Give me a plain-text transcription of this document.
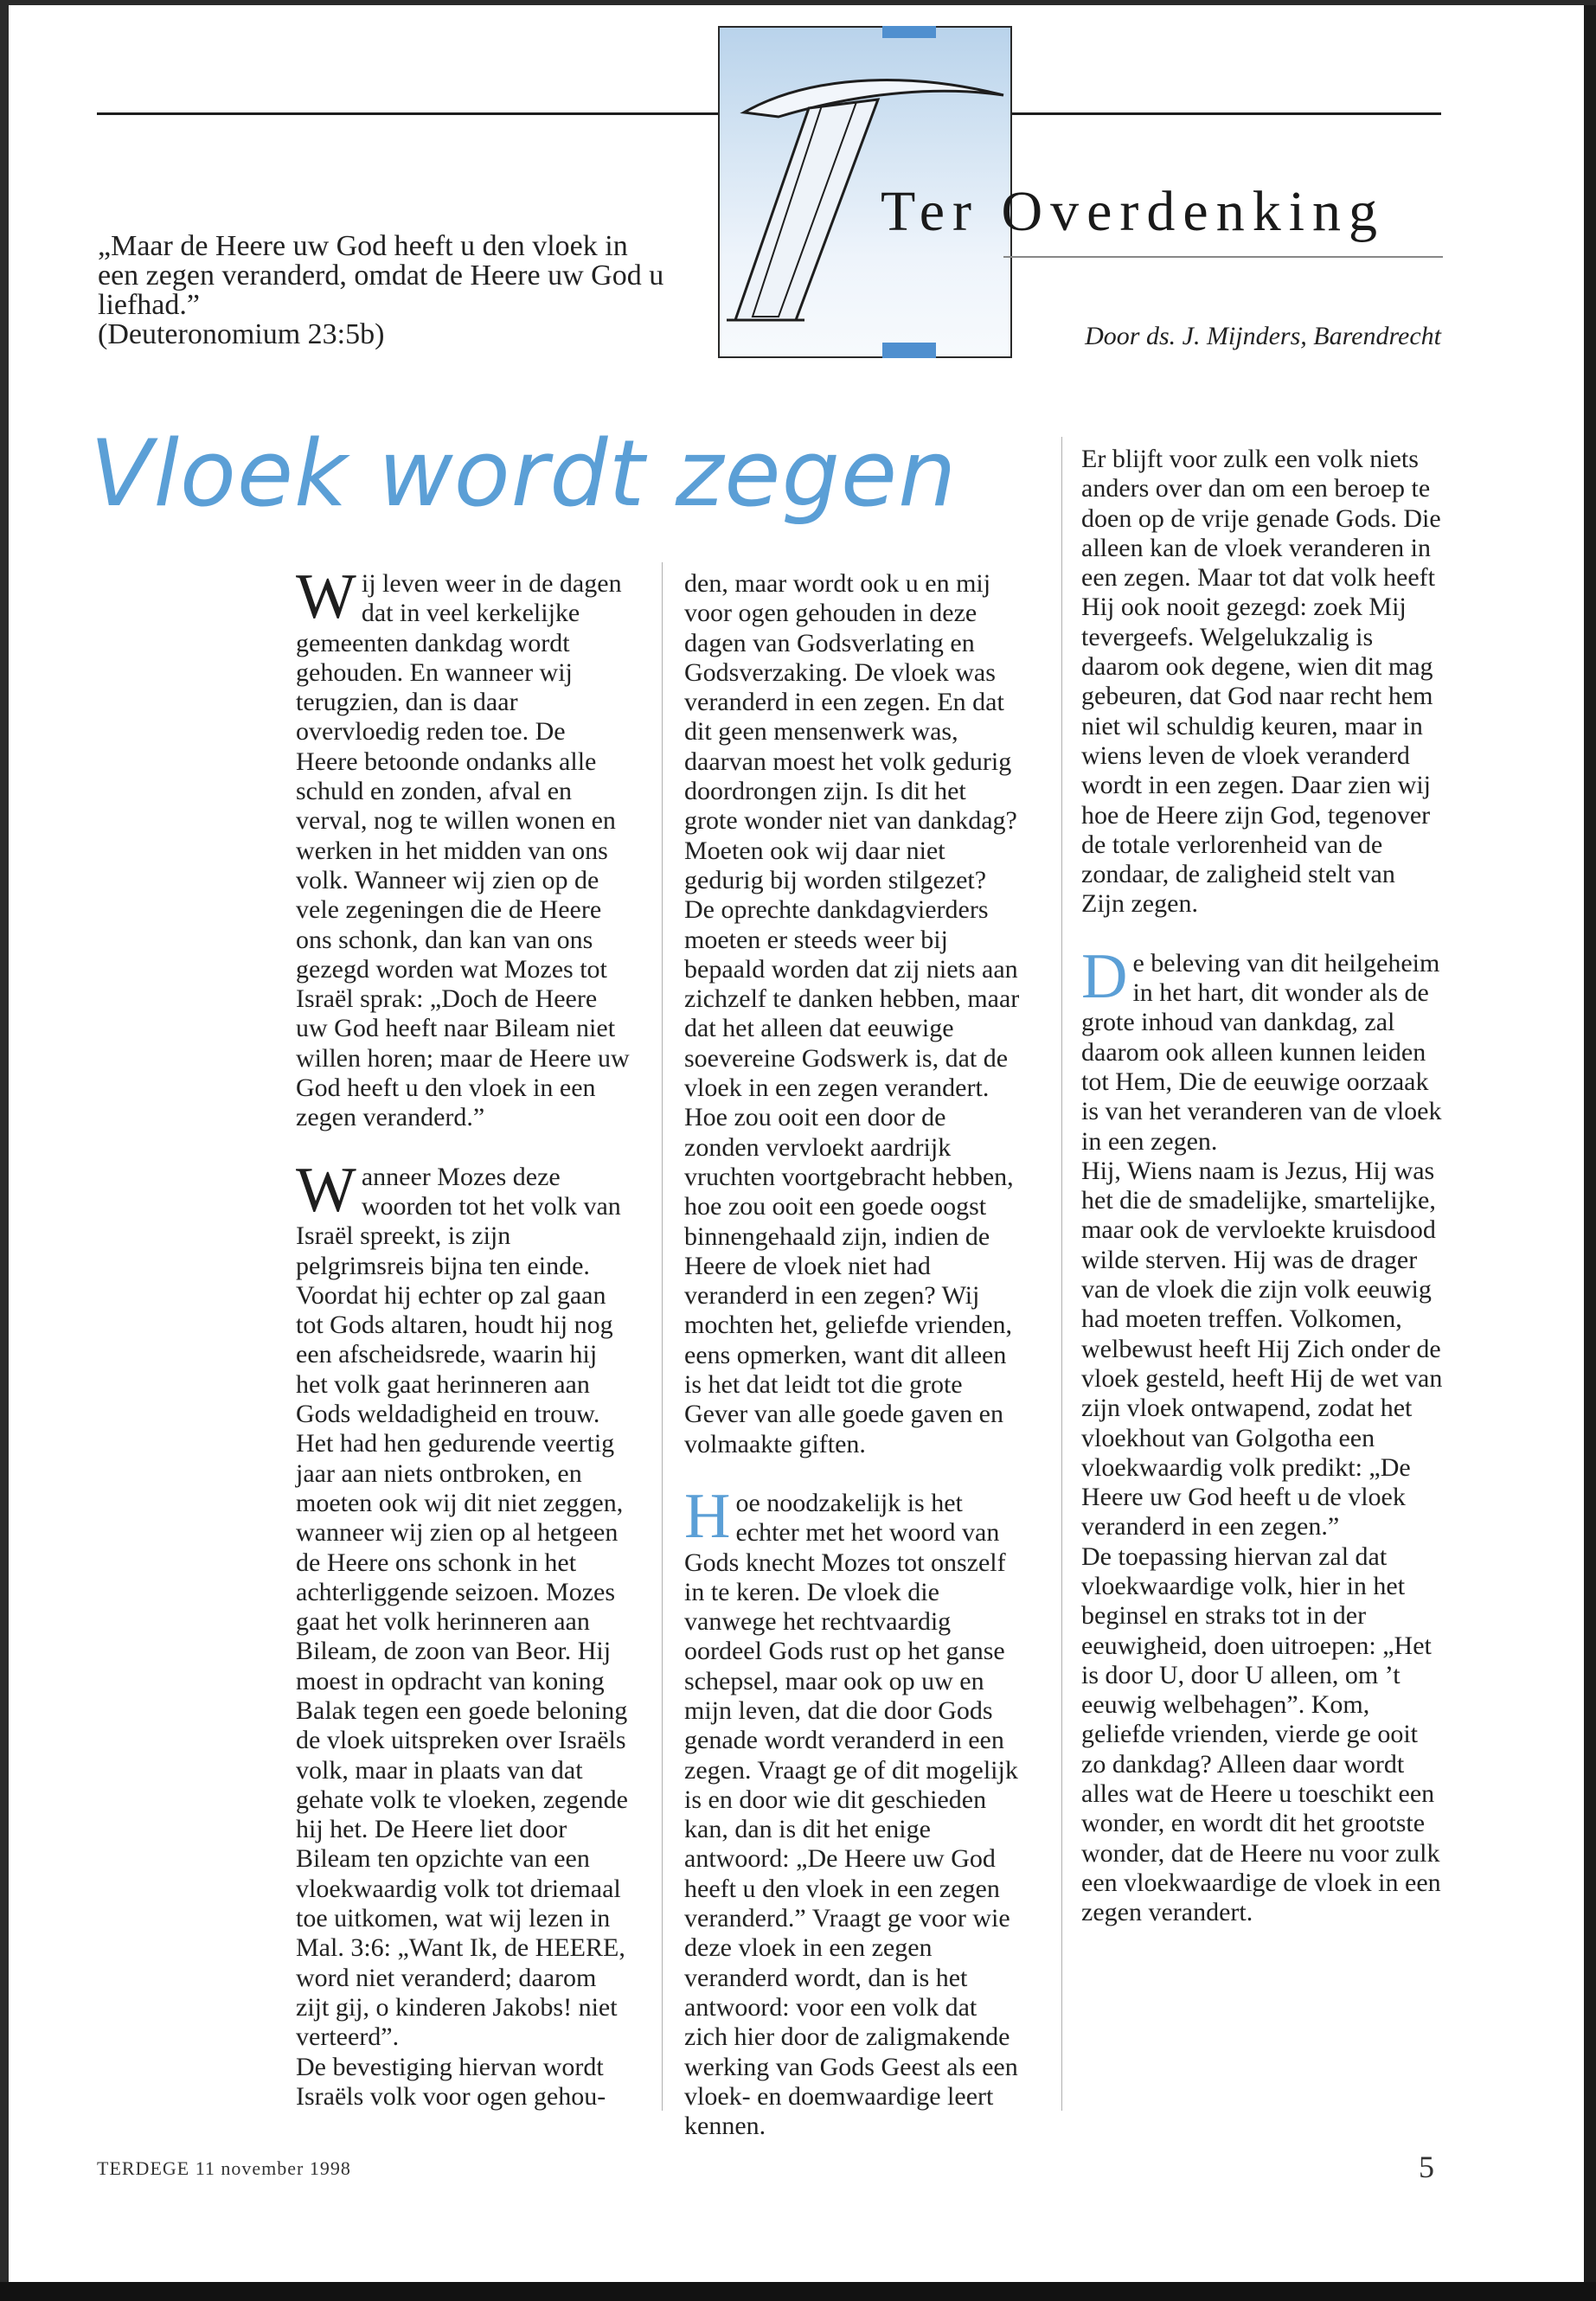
„Maar de Heere uw God heeft u den vloek in

een zegen veranderd, omdat de Heere uw God u

liefhad.”

(Deuteronomium 23:5b)

Ter Overdenking
Door ds. J. Mijnders, Barendrecht
Vloek wordt zegen

Wij leven weer in de dagen dat in veel kerkelijke gemeenten dankdag wordt gehouden. En wanneer wij terugzien, dan is daar overvloedig reden toe. De Heere betoonde ondanks alle schuld en zonden, afval en verval, nog te willen wonen en werken in het midden van ons volk. Wanneer wij zien op de vele zegeningen die de Heere ons schonk, dan kan van ons gezegd worden wat Mozes tot Israël sprak: „Doch de Heere uw God heeft naar Bileam niet willen horen; maar de Heere uw God heeft u den vloek in een zegen veranderd.”

Wanneer Mozes deze woorden tot het volk van Israël spreekt, is zijn pelgrimsreis bijna ten einde. Voordat hij echter op zal gaan tot Gods altaren, houdt hij nog een afscheidsrede, waarin hij het volk gaat herinneren aan Gods weldadigheid en trouw. Het had hen gedurende veertig jaar aan niets ontbroken, en moeten ook wij dit niet zeggen, wanneer wij zien op al hetgeen de Heere ons schonk in het achterliggende seizoen. Mozes gaat het volk herinneren aan Bileam, de zoon van Beor. Hij moest in opdracht van koning Balak tegen een goede beloning de vloek uitspreken over Israëls volk, maar in plaats van dat gehate volk te vloeken, zegende hij het. De Heere liet door Bileam ten opzichte van een vloekwaardig volk tot driemaal toe uitkomen, wat wij lezen in Mal. 3:6: „Want Ik, de HEERE, word niet veranderd; daarom zijt gij, o kinderen Jakobs! niet verteerd”.

De bevestiging hiervan wordt Israëls volk voor ogen gehou-

den, maar wordt ook u en mij voor ogen gehouden in deze dagen van Godsverlating en Godsverzaking. De vloek was veranderd in een zegen. En dat dit geen mensenwerk was, daarvan moest het volk gedurig doordrongen zijn. Is dit het grote wonder niet van dankdag? Moeten ook wij daar niet gedurig bij worden stilgezet? De oprechte dankdagvierders moeten er steeds weer bij bepaald worden dat zij niets aan zichzelf te danken hebben, maar dat het alleen dat eeuwige soevereine Godswerk is, dat de vloek in een zegen verandert. Hoe zou ooit een door de zonden vervloekt aardrijk vruchten voortgebracht hebben, hoe zou ooit een goede oogst binnengehaald zijn, indien de Heere de vloek niet had veranderd in een zegen? Wij mochten het, geliefde vrienden, eens opmerken, want dit alleen is het dat leidt tot die grote Gever van alle goede gaven en volmaakte giften.

Hoe noodzakelijk is het echter met het woord van Gods knecht Mozes tot onszelf in te keren. De vloek die vanwege het rechtvaardig oordeel Gods rust op het ganse schepsel, maar ook op uw en mijn leven, dat die door Gods genade wordt veranderd in een zegen. Vraagt ge of dit mogelijk is en door wie dit geschieden kan, dan is dit het enige antwoord: „De Heere uw God heeft u den vloek in een zegen veranderd.” Vraagt ge voor wie deze vloek in een zegen veranderd wordt, dan is het antwoord: voor een volk dat zich hier door de zaligmakende werking van Gods Geest als een vloek- en doemwaardige leert kennen.

Er blijft voor zulk een volk niets anders over dan om een beroep te doen op de vrije genade Gods. Die alleen kan de vloek veranderen in een zegen. Maar tot dat volk heeft Hij ook nooit gezegd: zoek Mij tevergeefs. Welgelukzalig is daarom ook degene, wien dit mag gebeuren, dat God naar recht hem niet wil schuldig keuren, maar in wiens leven de vloek veranderd wordt in een zegen. Daar zien wij hoe de Heere zijn God, tegenover de totale verlorenheid van de zondaar, de zaligheid stelt van Zijn zegen.

De beleving van dit heilgeheim in het hart, dit wonder als de grote inhoud van dankdag, zal daarom ook alleen kunnen leiden tot Hem, Die de eeuwige oorzaak is van het veranderen van de vloek in een zegen.

Hij, Wiens naam is Jezus, Hij was het die de smadelijke, smartelijke, maar ook de vervloekte kruisdood wilde sterven. Hij was de drager van de vloek die zijn volk eeuwig had moeten treffen. Volkomen, welbewust heeft Hij Zich onder de vloek gesteld, heeft Hij de wet van zijn vloek ontwapend, zodat het vloekhout van Golgotha een vloekwaardig volk predikt: „De Heere uw God heeft u de vloek veranderd in een zegen.”

De toepassing hiervan zal dat vloekwaardige volk, hier in het beginsel en straks tot in der eeuwigheid, doen uitroepen: „Het is door U, door U alleen, om ’t eeuwig welbehagen”. Kom, geliefde vrienden, vierde ge ooit zo dankdag? Alleen daar wordt alles wat de Heere u toeschikt een wonder, en wordt dit het grootste wonder, dat de Heere nu voor zulk een vloekwaardige de vloek in een zegen verandert.

TERDEGE 11 november 1998	5
